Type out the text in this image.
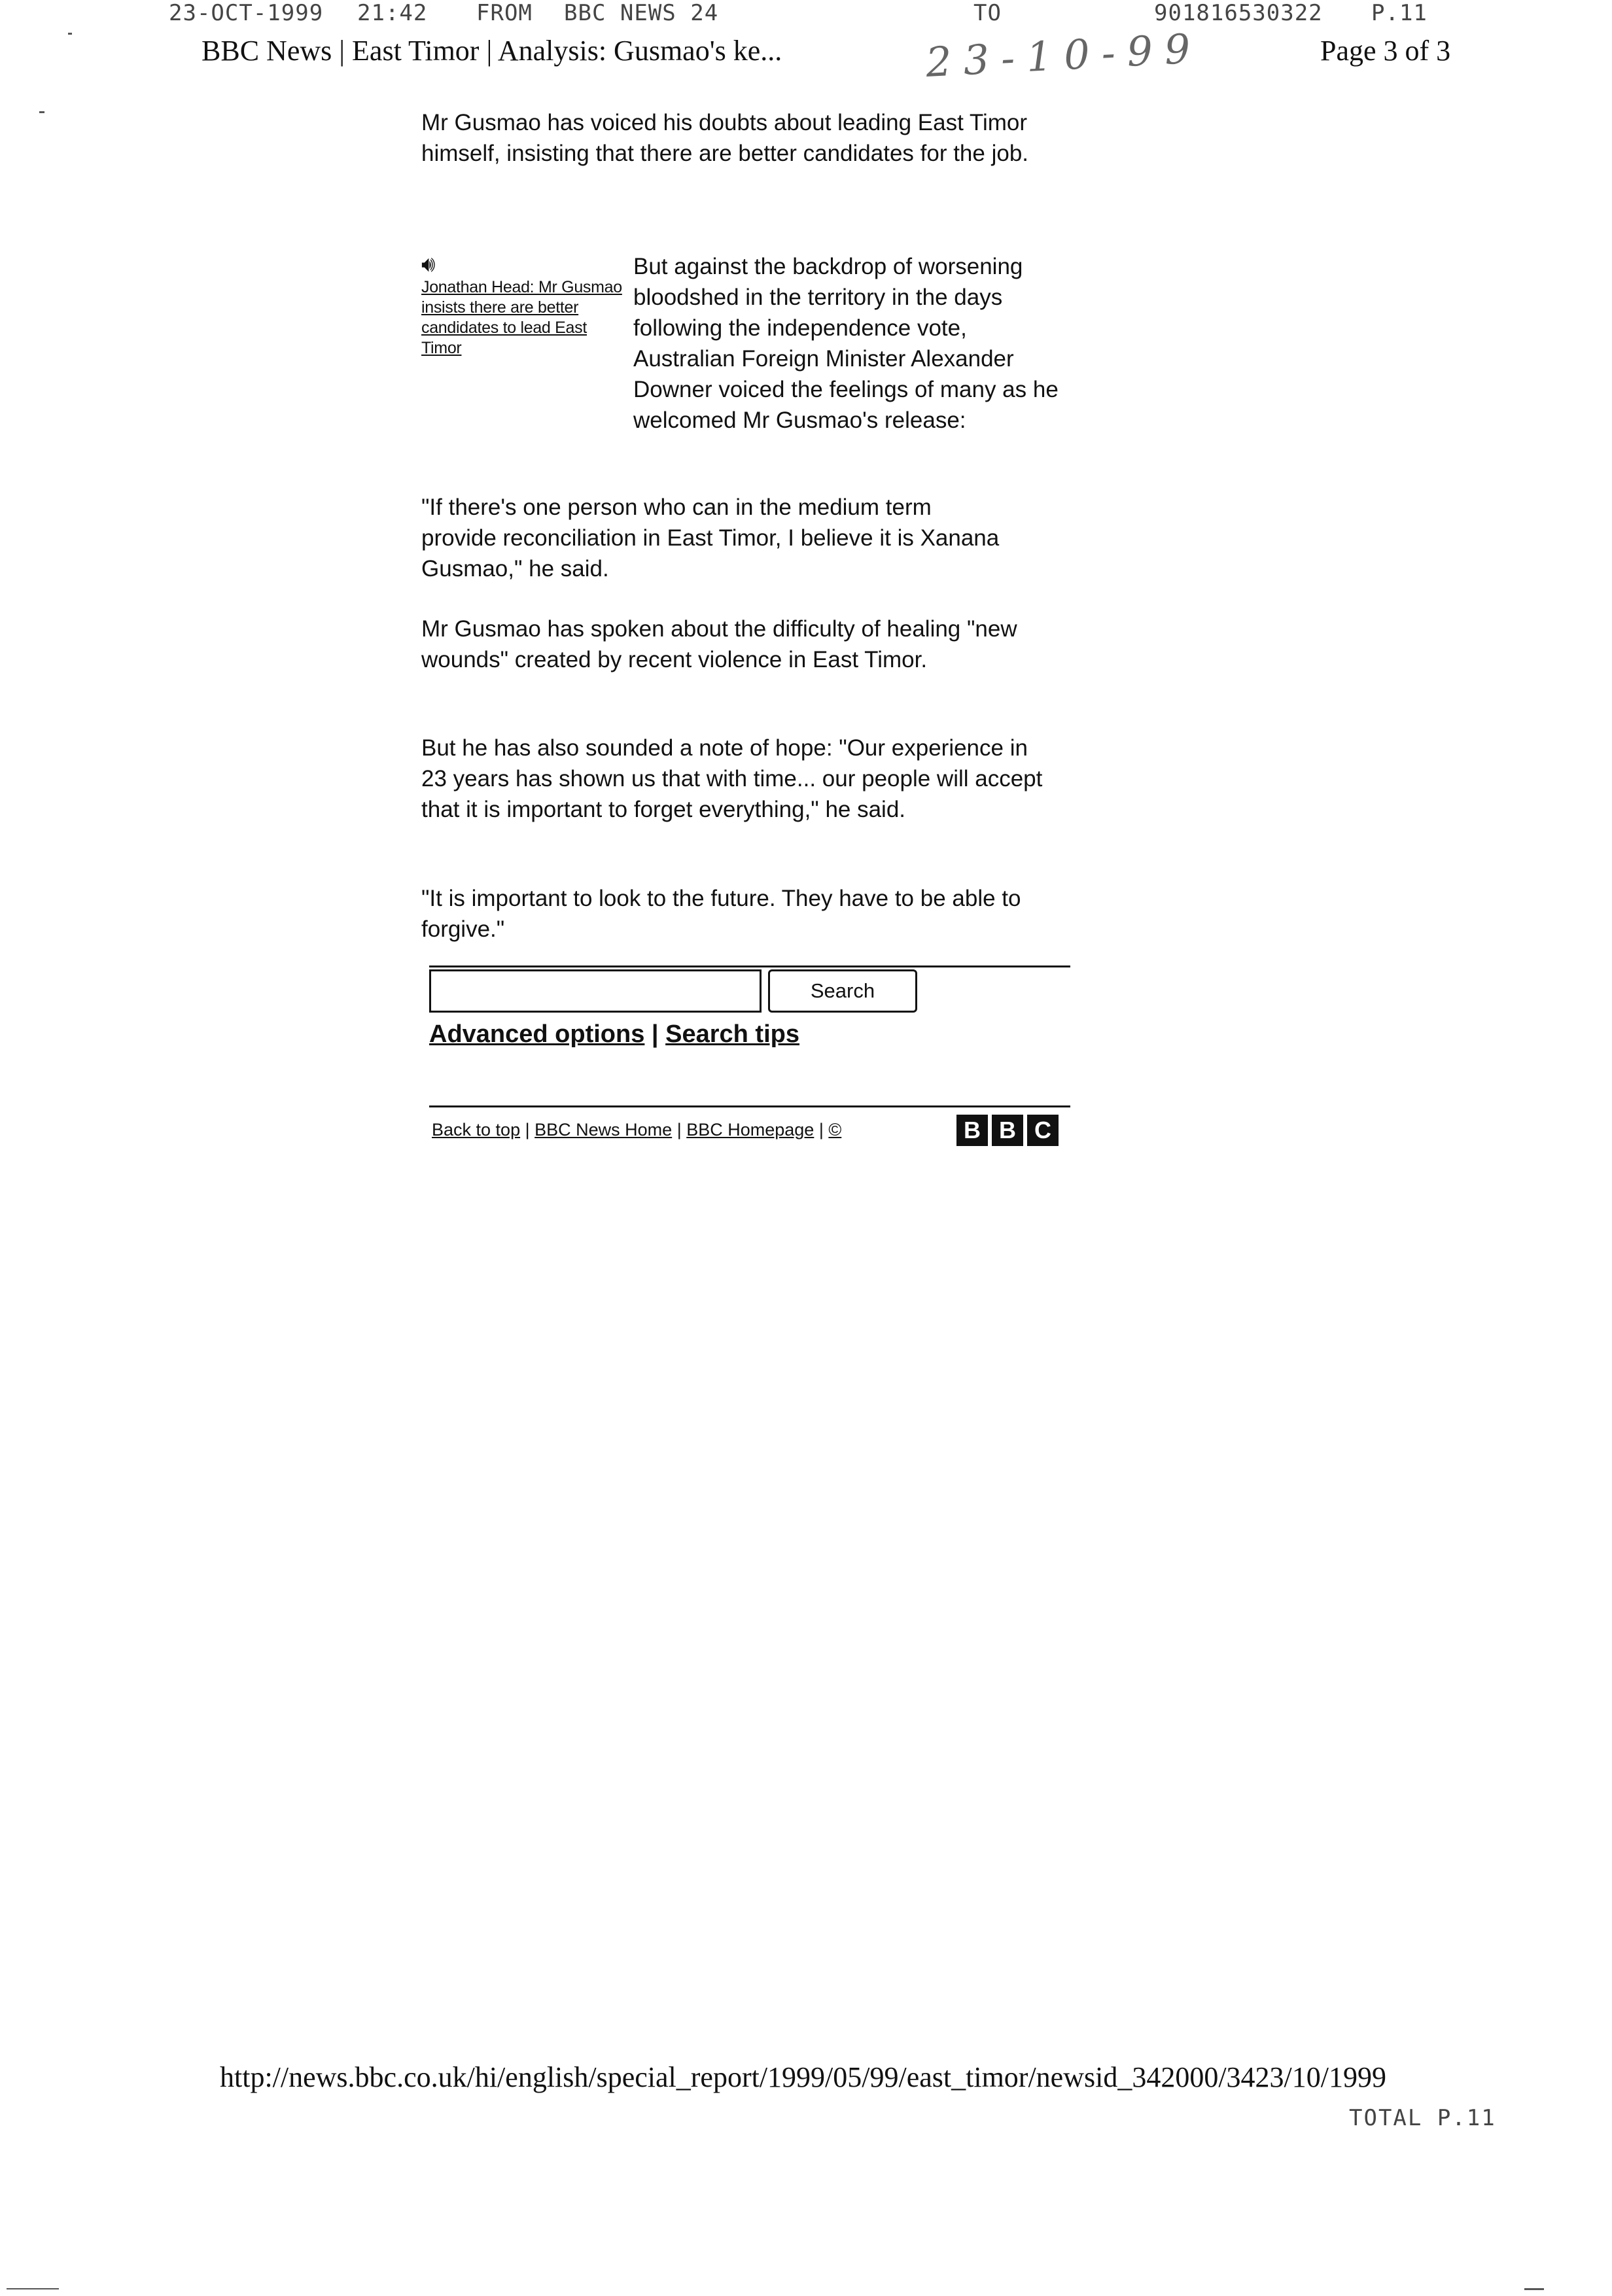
23-OCT-1999 21:42 FROM BBC NEWS 24	TO	901816530322 P.11
BBC News | East Timor | Analysis: Gusmao's ke...	23-10-99	Page 3 of 3

Mr Gusmao has voiced his doubts about leading East Timor himself, insisting that there are better candidates for the job.

🔊︎
Jonathan Head: Mr Gusmao insists there are better candidates to lead East Timor

But against the backdrop of worsening bloodshed in the territory in the days following the independence vote, Australian Foreign Minister Alexander Downer voiced the feelings of many as he welcomed Mr Gusmao's release:

"If there's one person who can in the medium term provide reconciliation in East Timor, I believe it is Xanana Gusmao," he said.

Mr Gusmao has spoken about the difficulty of healing "new wounds" created by recent violence in East Timor.

But he has also sounded a note of hope: "Our experience in 23 years has shown us that with time... our people will accept that it is important to forget everything," he said.

"It is important to look to the future. They have to be able to forgive."

Search
Advanced options | Search tips
Back to top | BBC News Home | BBC Homepage | ©	B B C
http://news.bbc.co.uk/hi/english/special_report/1999/05/99/east_timor/newsid_342000/3423/10/1999
TOTAL P.11
